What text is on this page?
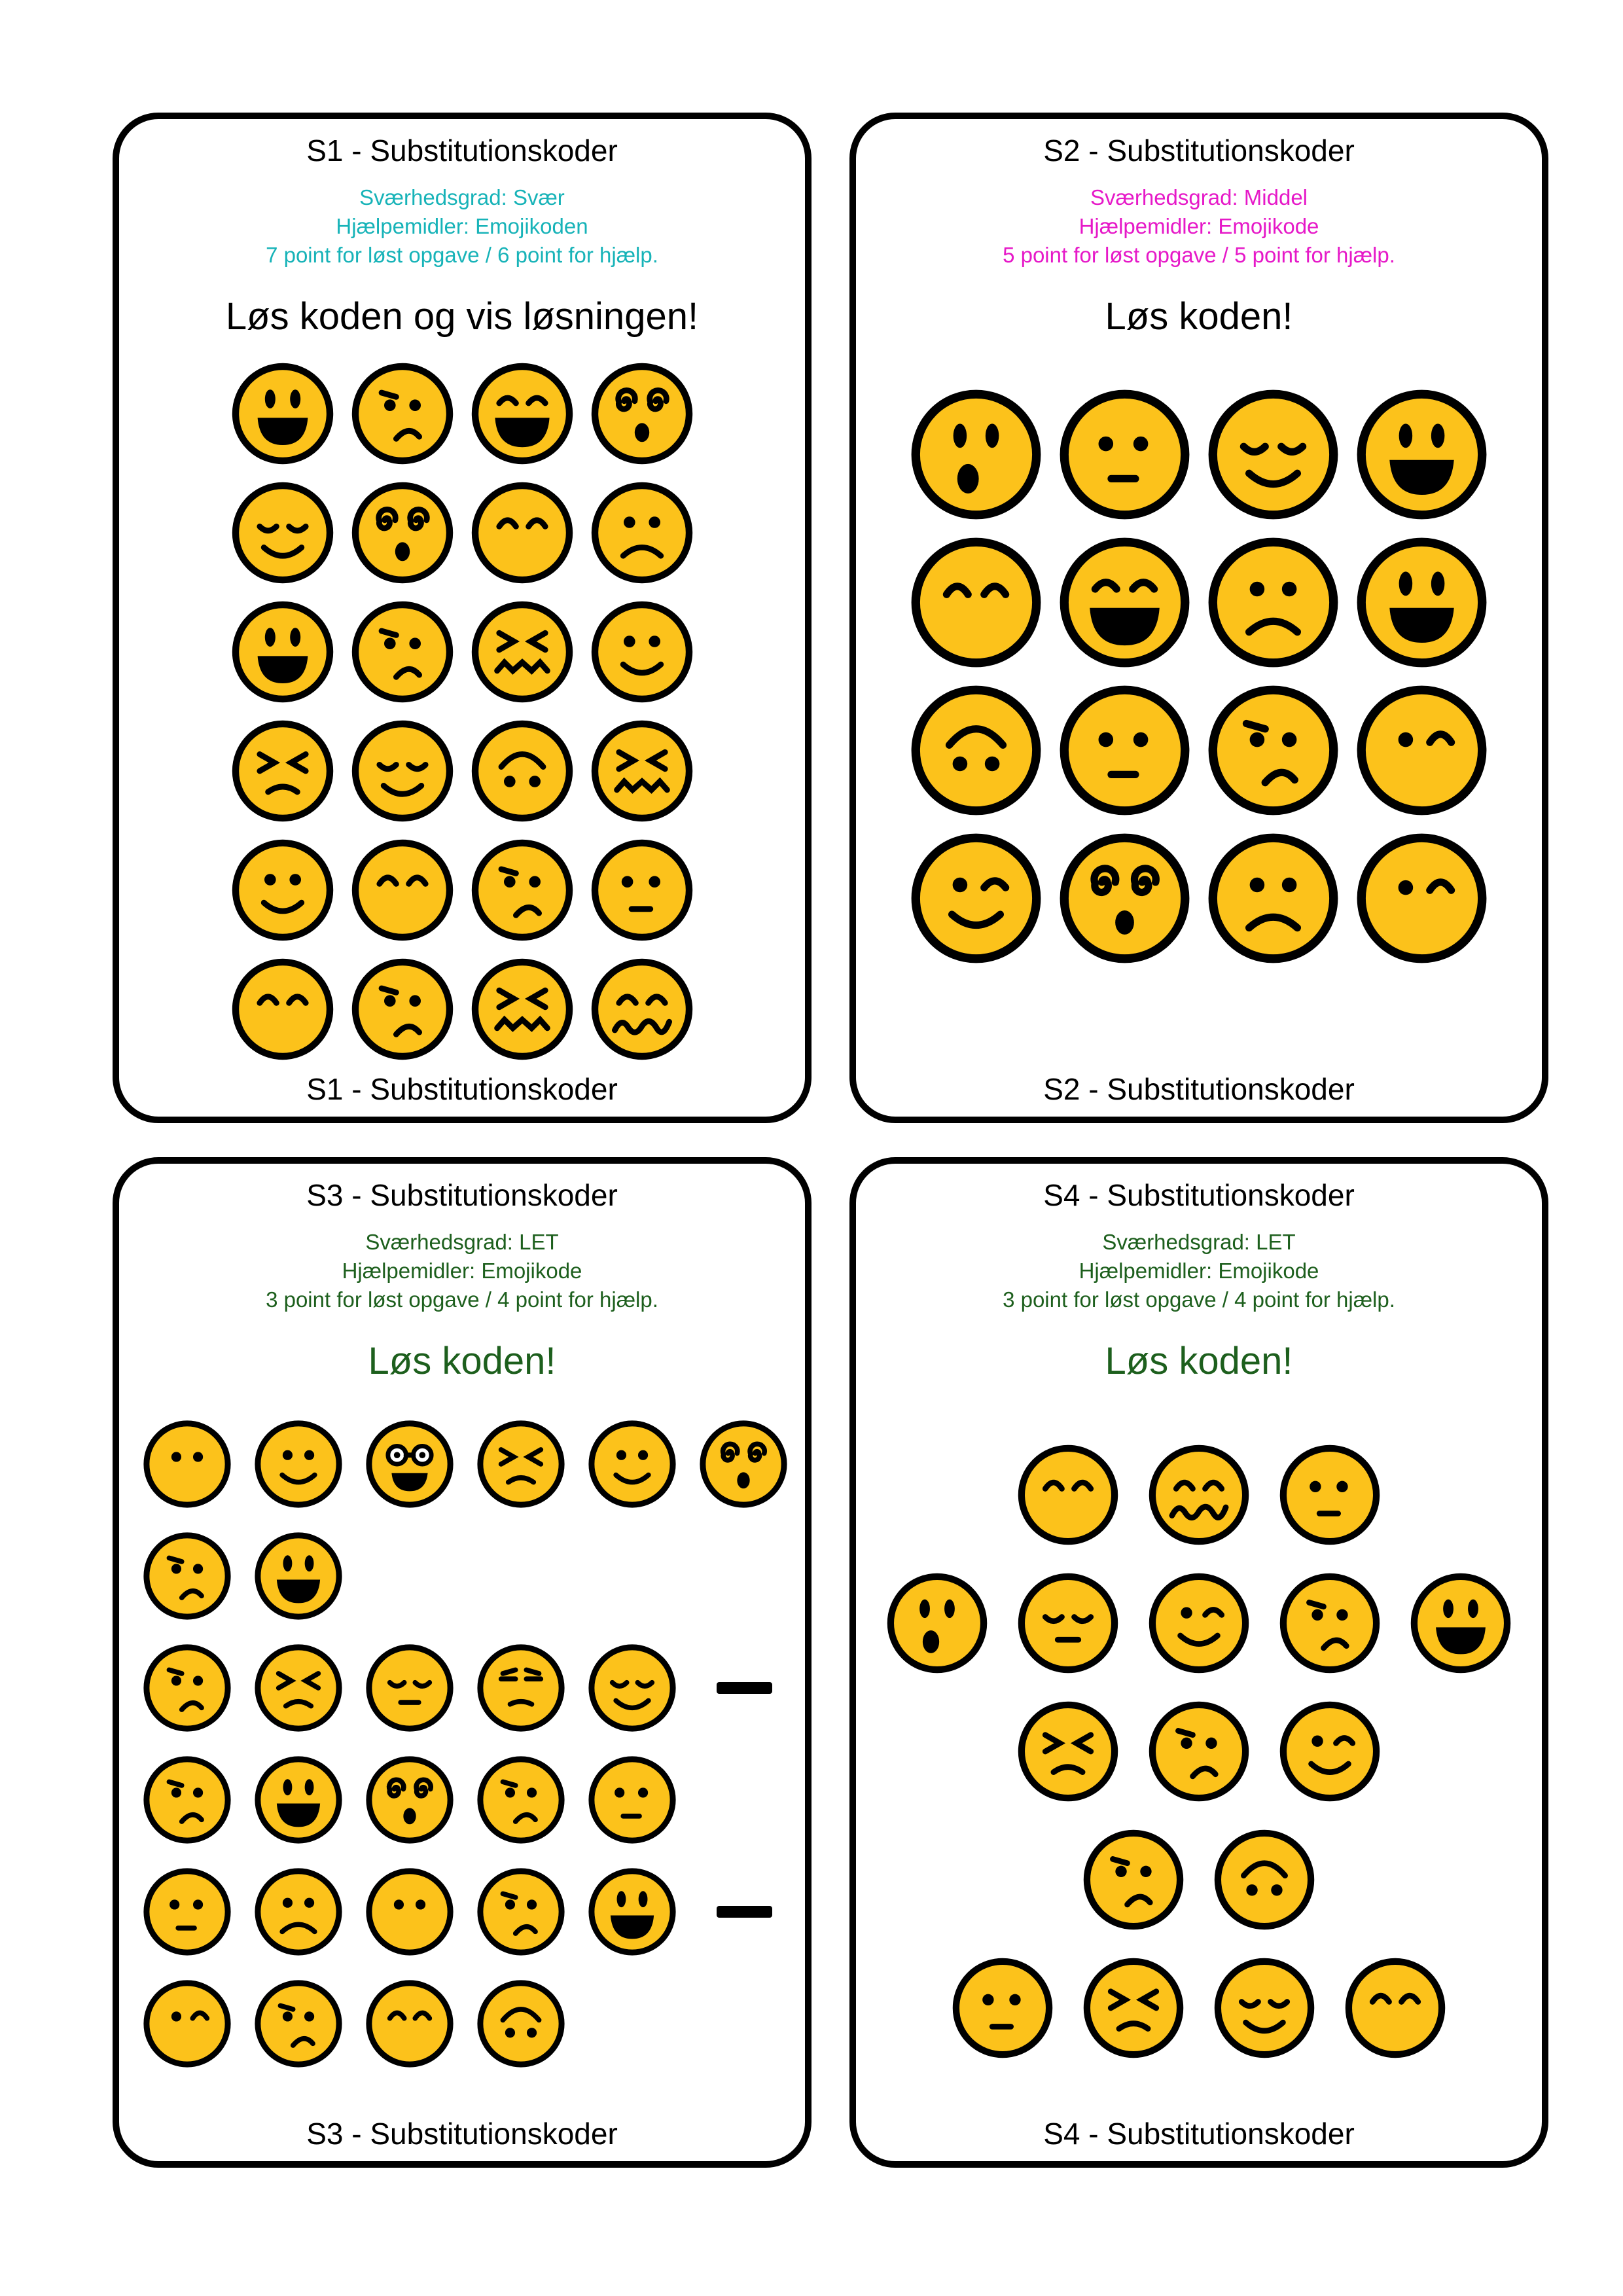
S1 - Substitutionskoder
Sværhedsgrad: Svær
Hjælpemidler: Emojikoden
7 point for løst opgave / 6 point for hjælp.
Løs koden og vis løsningen!
S1 - Substitutionskoder
S2 - Substitutionskoder
Sværhedsgrad: Middel
Hjælpemidler: Emojikode
5 point for løst opgave / 5 point for hjælp.
Løs koden!
S2 - Substitutionskoder
S3 - Substitutionskoder
Sværhedsgrad: LET
Hjælpemidler: Emojikode
3 point for løst opgave / 4 point for hjælp.
Løs koden!
S3 - Substitutionskoder
S4 - Substitutionskoder
Sværhedsgrad: LET
Hjælpemidler: Emojikode
3 point for løst opgave / 4 point for hjælp.
Løs koden!
S4 - Substitutionskoder
